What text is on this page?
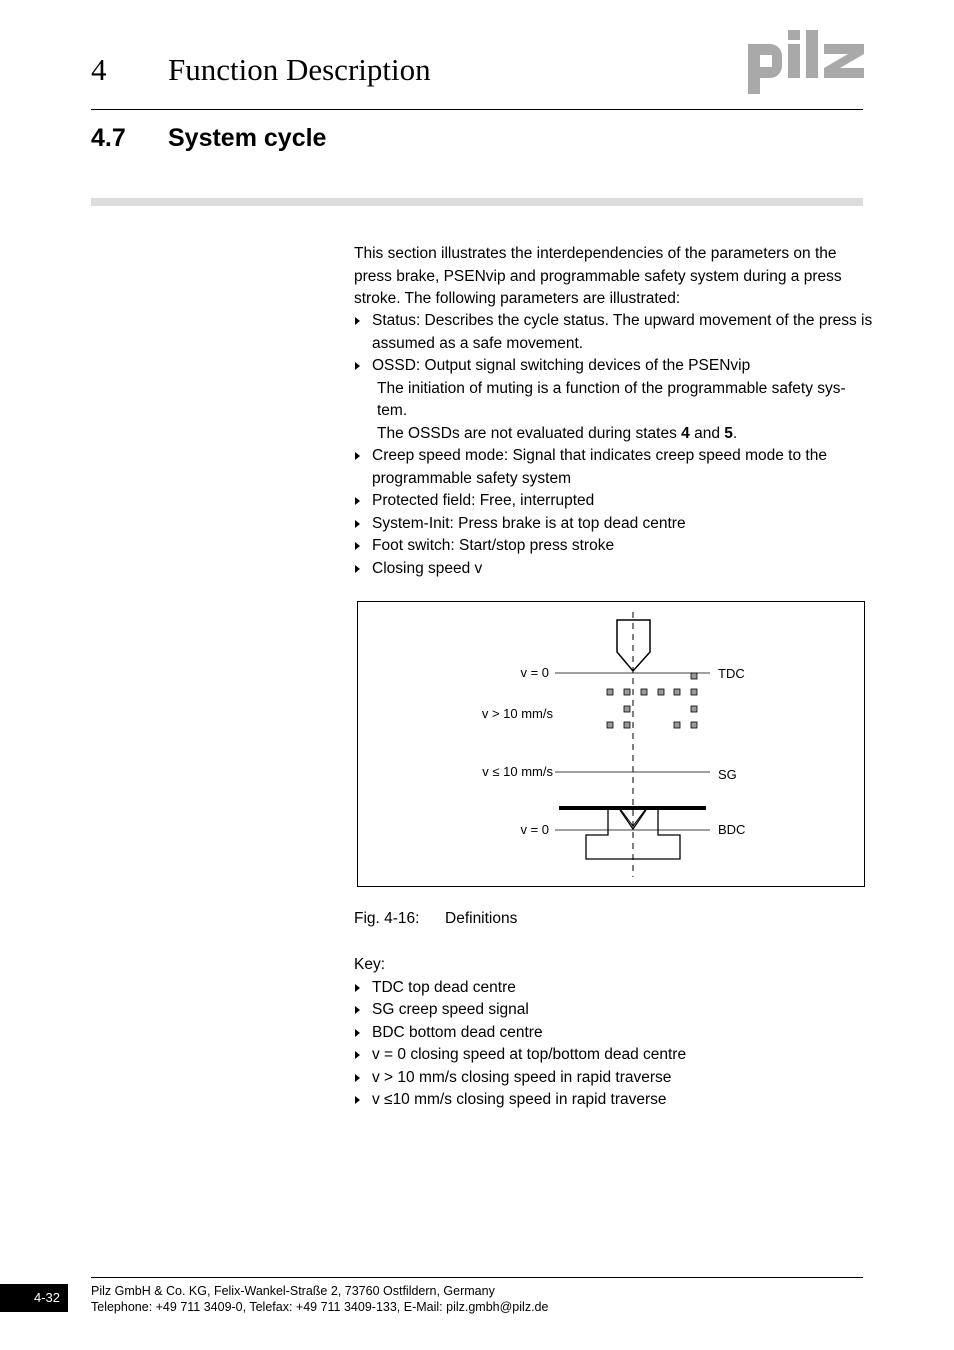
4 Function Description
4.7 System cycle
This section illustrates the interdependencies of the parameters on the press brake, PSENvip and programmable safety system during a press stroke. The following parameters are illustrated:
Status: Describes the cycle status. The upward movement of the press is assumed as a safe movement.
OSSD: Output signal switching devices of the PSENvip
The initiation of muting is a function of the programmable safety sys- tem.
The OSSDs are not evaluated during states 4 and 5.
Creep speed mode: Signal that indicates creep speed mode to the programmable safety system
Protected field: Free, interrupted
System-Init: Press brake is at top dead centre
Foot switch: Start/stop press stroke
Closing speed v
v = 0
v > 10 mm/s
v ≤ 10 mm/s
v = 0
TDC
SG
BDC
Fig. 4-16: Definitions
Key:
TDC top dead centre
SG creep speed signal
BDC bottom dead centre
v = 0 closing speed at top/bottom dead centre
v > 10 mm/s closing speed in rapid traverse
v ≤10 mm/s closing speed in rapid traverse
4-32	Pilz GmbH & Co. KG, Felix-Wankel-Straße 2, 73760 Ostfildern, Germany
Telephone: +49 711 3409-0, Telefax: +49 711 3409-133, E-Mail: pilz.gmbh@pilz.de
